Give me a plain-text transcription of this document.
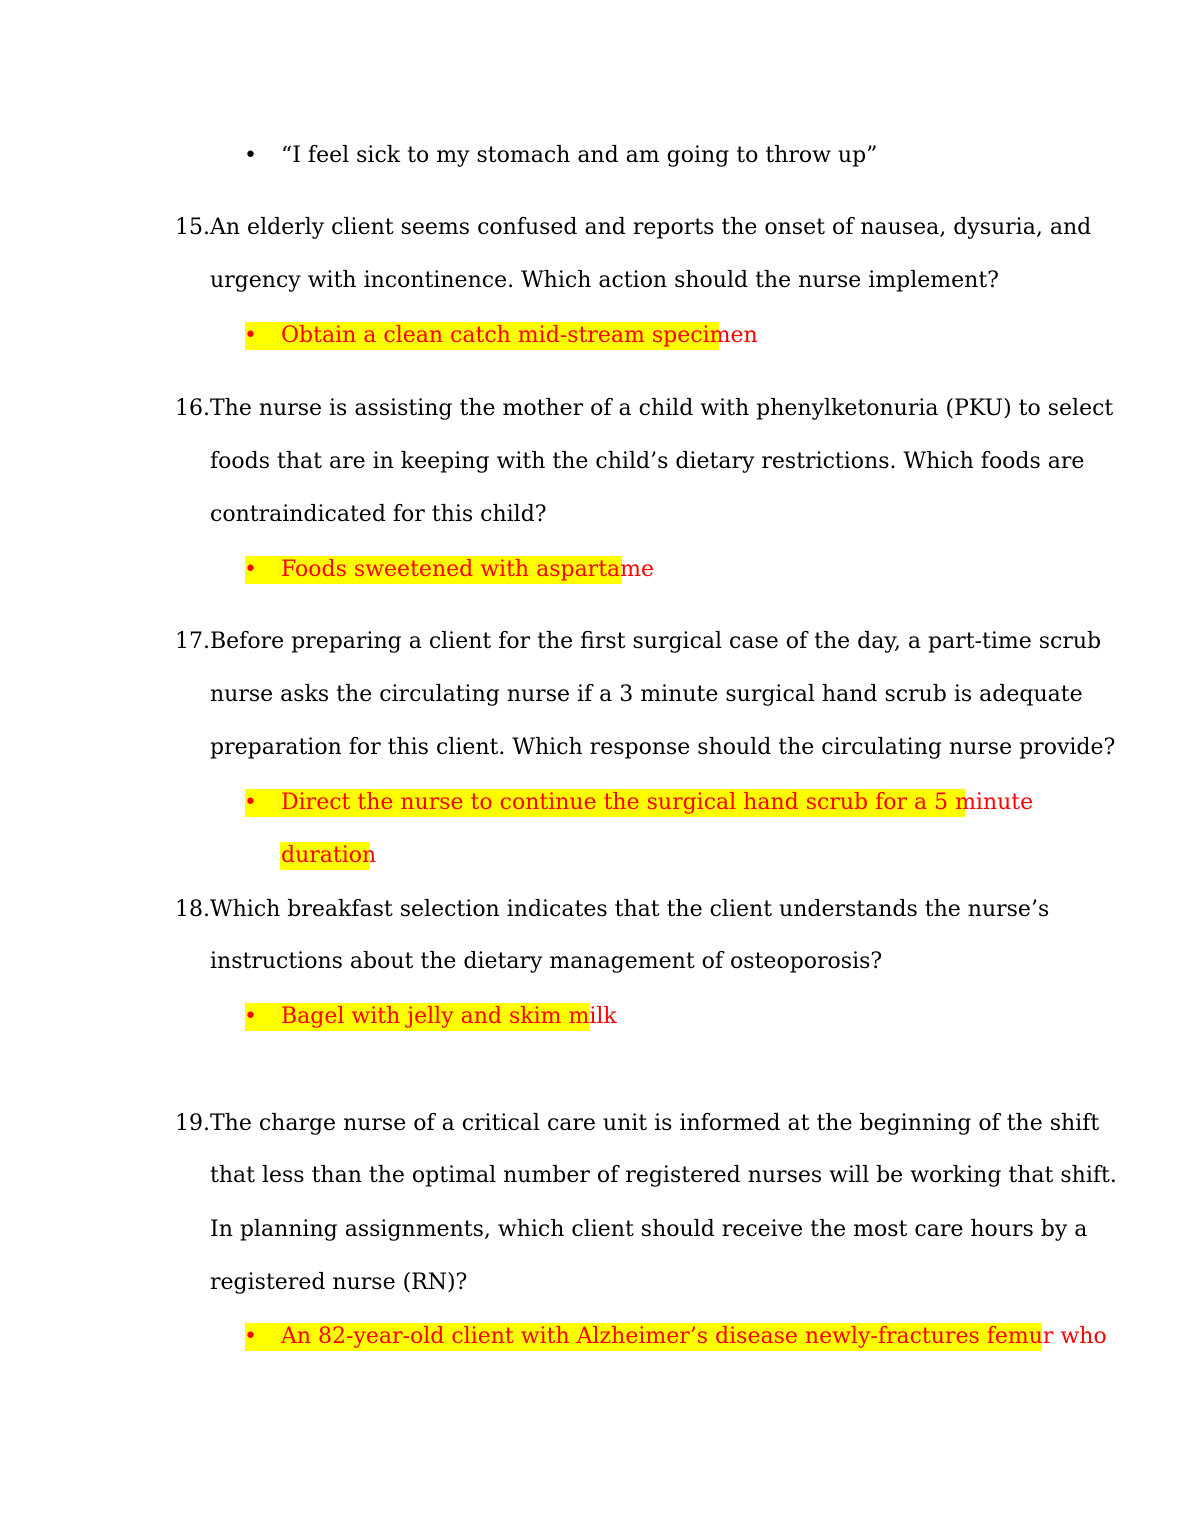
• “I feel sick to my stomach and am going to throw up”
15. An elderly client seems confused and reports the onset of nausea, dysuria, and
urgency with incontinence. Which action should the nurse implement?
• Obtain a clean catch mid-stream specimen
16. The nurse is assisting the mother of a child with phenylketonuria (PKU) to select
foods that are in keeping with the child’s dietary restrictions. Which foods are
contraindicated for this child?
• Foods sweetened with aspartame
17. Before preparing a client for the first surgical case of the day, a part-time scrub
nurse asks the circulating nurse if a 3 minute surgical hand scrub is adequate
preparation for this client. Which response should the circulating nurse provide?
• Direct the nurse to continue the surgical hand scrub for a 5 minute
duration
18. Which breakfast selection indicates that the client understands the nurse’s
instructions about the dietary management of osteoporosis?
• Bagel with jelly and skim milk
19. The charge nurse of a critical care unit is informed at the beginning of the shift
that less than the optimal number of registered nurses will be working that shift.
In planning assignments, which client should receive the most care hours by a
registered nurse (RN)?
• An 82-year-old client with Alzheimer’s disease newly-fractures femur who
